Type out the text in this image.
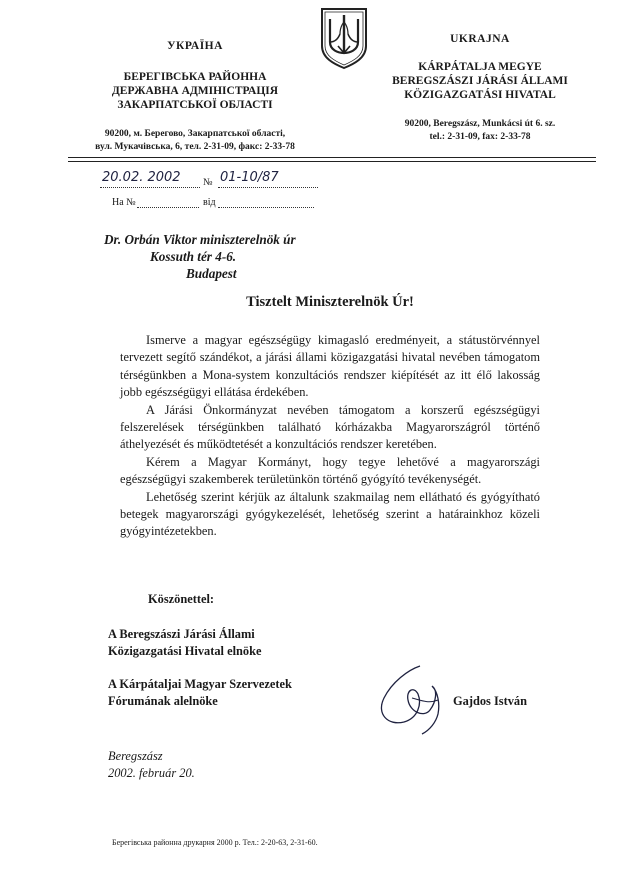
УКРАЇНА
БЕРЕГІВСЬКА РАЙОННА
ДЕРЖАВНА АДМІНІСТРАЦІЯ
ЗАКАРПАТСЬКОЇ ОБЛАСТІ
90200, м. Берегово, Закарпатської області,
вул. Мукачівська, 6, тел. 2-31-09, факс: 2-33-78
UKRAJNA
KÁRPÁTALJA MEGYE
BEREGSZÁSZI JÁRÁSI ÁLLAMI
KÖZIGAZGATÁSI HIVATAL
90200, Beregszász, Munkácsi út 6. sz.
tel.: 2-31-09, fax: 2-33-78
20.02. 2002 № 01-10/87
На №	від
Dr. Orbán Viktor miniszterelnök úr
Kossuth tér 4-6.
Budapest
Tisztelt Miniszterelnök Úr!

Ismerve a magyar egészségügy kimagasló eredményeit, a státustörvénnyel tervezett segítő szándékot, a járási állami közigazgatási hivatal nevében támogatom térségünkben a Mona-system konzultációs rendszer kiépítését az itt élő lakosság jobb egészségügyi ellátása érdekében.

A Járási Önkormányzat nevében támogatom a korszerű egészségügyi felszerelések térségünkben található kórházakba Magyarországról történő áthelyezését és működtetését a konzultációs rendszer keretében.

Kérem a Magyar Kormányt, hogy tegye lehetővé a magyarországi egészségügyi szakemberek területünkön történő gyógyító tevékenységét.

Lehetőség szerint kérjük az általunk szakmailag nem ellátható és gyógyítható betegek magyarországi gyógykezelését, lehetőség szerint a határainkhoz közeli gyógyintézetekben.

Köszönettel:
A Beregszászi Járási Állami
Közigazgatási Hivatal elnöke
A Kárpátaljai Magyar Szervezetek
Fórumának alelnöke	Gajdos István
Beregszász
2002. február 20.
Берегівська районна друкарня 2000 р. Тел.: 2-20-63, 2-31-60.
